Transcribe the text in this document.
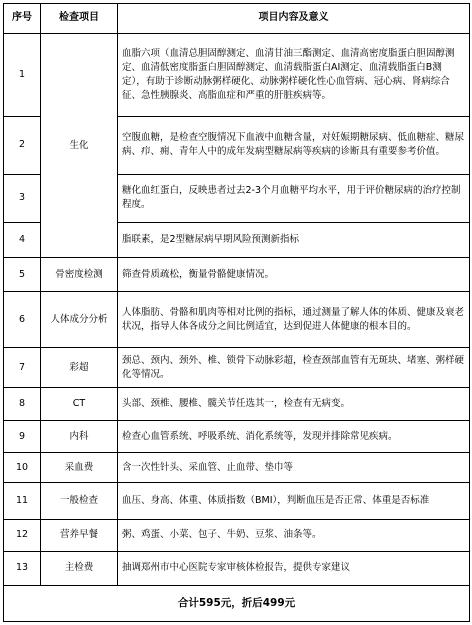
序号	检查项目	项目内容及意义
1	生化	血脂六项（血清总胆固醇测定、血清甘油三酯测定、血清高密度脂蛋白胆固醇测定、血清低密度脂蛋白胆固醇测定、血清载脂蛋白AⅠ测定、血清载脂蛋白B测定），有助于诊断动脉粥样硬化、动脉粥样硬化性心血管病、冠心病、肾病综合征、急性胰腺炎、高脂血症和严重的肝脏疾病等。
2		空腹血糖，是检查空腹情况下血液中血糖含量，对妊娠期糖尿病、低血糖症、糖尿病、疖、痈、青年人中的成年发病型糖尿病等疾病的诊断具有重要参考价值。
3		糖化血红蛋白，反映患者过去2-3个月血糖平均水平，用于评价糖尿病的治疗控制程度。
4		脂联素，是2型糖尿病早期风险预测新指标
5	骨密度检测	筛查骨质疏松，衡量骨骼健康情况。
6	人体成分分析	人体脂肪、骨骼和肌肉等相对比例的指标，通过测量了解人体的体质、健康及衰老状况，指导人体各成分之间比例适宜，达到促进人体健康的根本目的。
7	彩超	颈总、颈内、颈外、椎、锁骨下动脉彩超，检查颈部血管有无斑块、堵塞、粥样硬化等情况。
8	CT	头部、颈椎、腰椎、髋关节任选其一，检查有无病变。
9	内科	检查心血管系统、呼吸系统、消化系统等，发现并排除常见疾病。
10	采血费	含一次性针头、采血管、止血带、垫巾等
11	一般检查	血压、身高、体重、体质指数（BMI），判断血压是否正常、体重是否标准
12	营养早餐	粥、鸡蛋、小菜、包子、牛奶、豆浆、油条等。
13	主检费	抽调郑州市中心医院专家审核体检报告，提供专家建议
合计595元，折后499元		
